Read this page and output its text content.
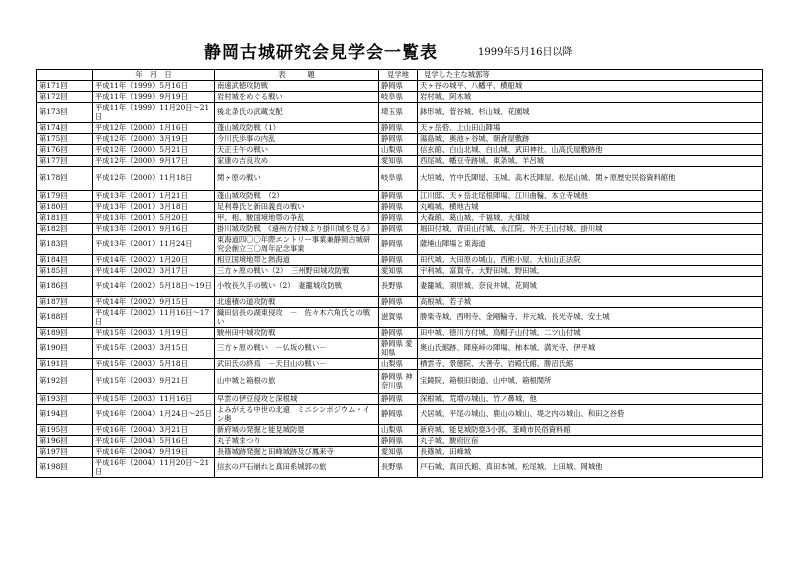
静岡古城研究会見学会一覧表	1999年5月16日以降
	年　月　日	表　　　題	見学地	見学した主な城郭等
第171回	平成11年（1999）5月16日	南遠武徳攻防戦	静岡県	天ヶ谷の城平、八幡平、横船城
第172回	平成11年（1999）9月19日	岩村城をめぐる戦い	岐阜県	岩村城、阿木城
第173回	平成11年（1999）11月20日～21日	後北条氏の武蔵支配	埼玉県	鉢形城、菅谷城、杉山城、花園城
第174回	平成12年（2000）1月16日	蓬山城攻防戦（1）	静岡県	天ヶ岳砦、上山田山陣場
第175回	平成12年（2000）3月19日	今川氏歩事の内乱	静岡県	湯島城、奥池ヶ谷城、朝倉屋敷跡
第176回	平成12年（2000）5月21日	天正壬午の戦い	山梨県	信玄館、白山北城、白山城、武田神社、山高氏屋敷跡他
第177回	平成12年（2000）9月17日	家康の吉良攻め	愛知県	西尾城、幡豆寺跡城、東条城、羊呂城
第178回	平成12年（2000）11月18日	関ヶ原の戦い	岐阜県	大垣城、竹中氏陣屋、玉城、高木氏陣屋、松尾山城、関ヶ原歴史民俗資料館他
第179回	平成13年（2001）1月21日	蓬山城攻防戦　（2）	静岡県	江川邸、天ヶ岳北尾根陣場、江川曲輪、本立寺城他
第180回	平成13年（2001）3月18日	足利尊氏と新田義貞の戦い	静岡県	丸嶋城、横地古城
第181回	平成13年（2001）5月20日	甲、相、駿国境地帯の争乱	静岡県	大森館、葛山城、千福城、大畑城
第182回	平成13年（2001）9月16日	掛川城攻防戦　《遠州方付城より掛川城を見る》	静岡県	堀田付城、青田山付城、永江院、外天王山付城、掛川城
第183回	平成13年（2001）11月24日	東海道四〇〇年際エントリー事業兼静岡古城研究会創立三〇周年記念事業	静岡県	薩埵山陣場と東海道
第184回	平成14年（2002）1月20日	相豆国境地帯と熱海道	静岡県	田代城、大田原の城山、西熊小屋、大仙山正法院
第185回	平成14年（2002）3月17日	三方ヶ原の戦い（2）　三州野田城攻防戦	愛知県	宇利城、富賀寺、大野田城、野田城、
第186回	平成14年（2002）5月18日～19日	小牧長久手の戦い（2）　妻籠城攻防戦	長野県	妻籠城、須原城、奈良井城、花岡城
第187回	平成14年（2002）9月15日	北遠積の道攻防戦	静岡県	高根城、若子城
第188回	平成14年（2002）11月16日～17日	織田信長の湖東侵攻　－　佐々木六角氏との戦い	滋賀県	勝楽寺城、西明寺、金剛輪寺、井元城、長光寺城、安土城
第189回	平成15年（2003）1月19日	駿州田中城攻防戦	静岡県	田中城、徳川方付城、鳥帽子山付城、二ツ山付城
第190回	平成15年（2003）3月15日	三方ヶ原の戦い　－仏坂の戦い－	静岡県 愛知県	奥山氏館跡、陣座峠の陣場、柿本城、満光寺、伊平城
第191回	平成15年（2003）5月18日	武田氏の終焉　－天目山の戦い－	山梨県	栖雲寺、景徳院、大善寺、岩殿氏館、勝沼氏館
第192回	平成15年（2003）9月21日	山中城と箱根の旅	静岡県 神奈川県	宝鏡院、箱根旧街道、山中城、箱根関所
第193回	平成15年（2003）11月16日	早雲の伊豆侵攻と深根城	静岡県	深根城、荒増の城山、竹ノ鼻城、他
第194回	平成16年（2004）1月24日～25日	よみがえる中世の北遠　ミニシンポジウム・イン奥	静岡県	犬居城、平尾の城山、鹿山の城山、堤之内の城山、和田之谷砦
第195回	平成16年（2004）3月21日	新府城の発掘と能見城防塁	山梨県	新府城、能見城防塁3小郭、韮崎市民俗資料館
第196回	平成16年（2004）5月16日	丸子城まつり	静岡県	丸子城、駿府匠宿
第197回	平成16年（2004）9月19日	長篠城跡発掘と田峰城跡及び鳳来寺	愛知県	長篠城、田峰城
第198回	平成16年（2004）11月20日～21日	信玄の戸石崩れと真田系城郭の旅	長野県	戸石城、真田氏館、真田本城、松尾城、上田城、岡城他
